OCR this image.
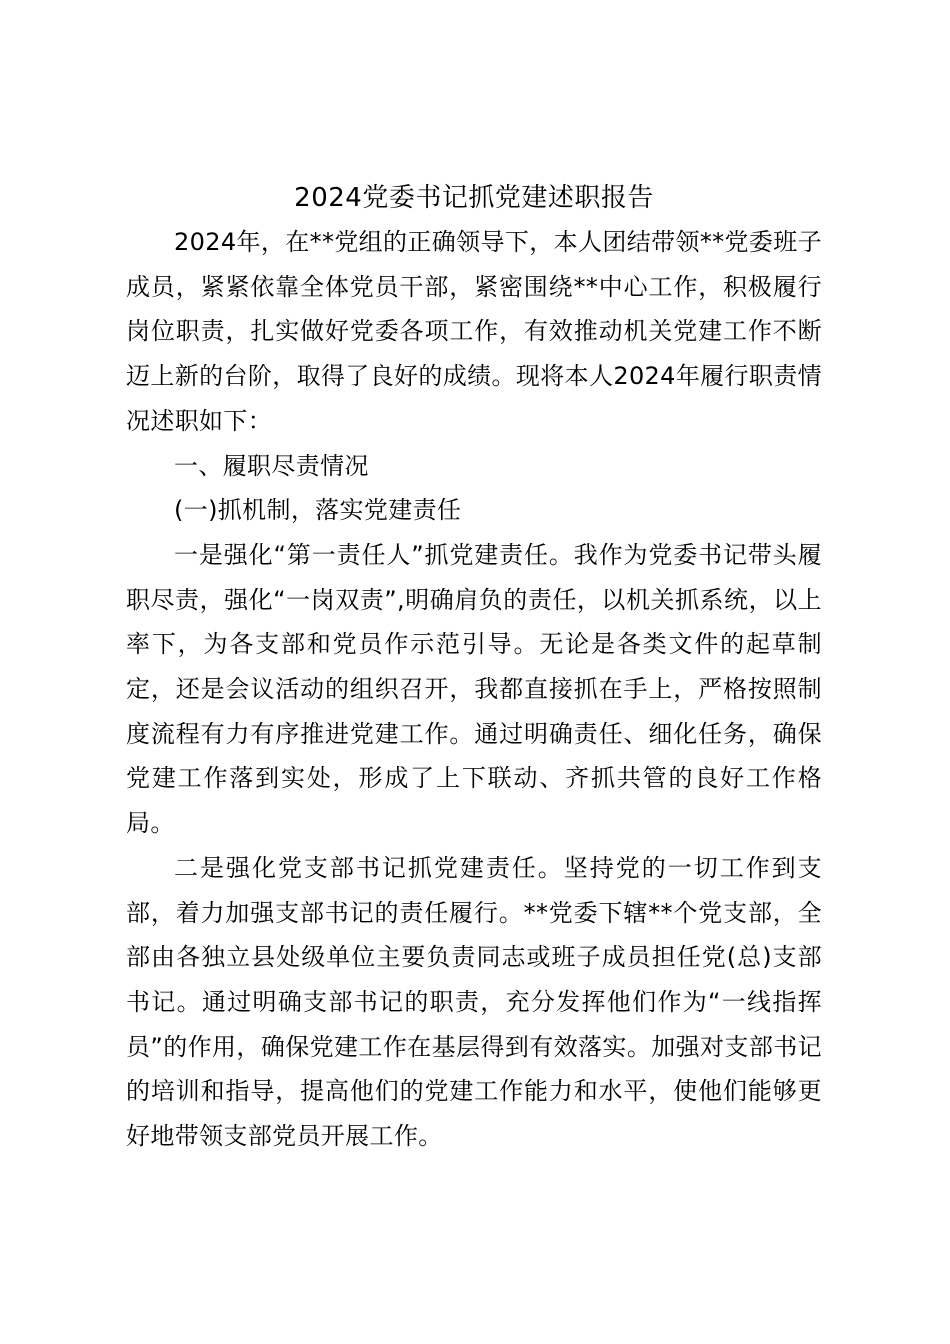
2024党委书记抓党建述职报告

2024年，在**党组的正确领导下，本人团结带领**党委班子成员，紧紧依靠全体党员干部，紧密围绕**中心工作，积极履行岗位职责，扎实做好党委各项工作，有效推动机关党建工作不断迈上新的台阶，取得了良好的成绩。现将本人2024年履行职责情况述职如下：

一、履职尽责情况

(一)抓机制，落实党建责任

一是强化“第一责任人”抓党建责任。我作为党委书记带头履职尽责，强化“一岗双责”,明确肩负的责任，以机关抓系统，以上率下，为各支部和党员作示范引导。无论是各类文件的起草制定，还是会议活动的组织召开，我都直接抓在手上，严格按照制度流程有力有序推进党建工作。通过明确责任、细化任务，确保党建工作落到实处，形成了上下联动、齐抓共管的良好工作格局。

二是强化党支部书记抓党建责任。坚持党的一切工作到支部，着力加强支部书记的责任履行。**党委下辖**个党支部，全部由各独立县处级单位主要负责同志或班子成员担任党(总)支部书记。通过明确支部书记的职责，充分发挥他们作为“一线指挥员”的作用，确保党建工作在基层得到有效落实。加强对支部书记的培训和指导，提高他们的党建工作能力和水平，使他们能够更好地带领支部党员开展工作。
